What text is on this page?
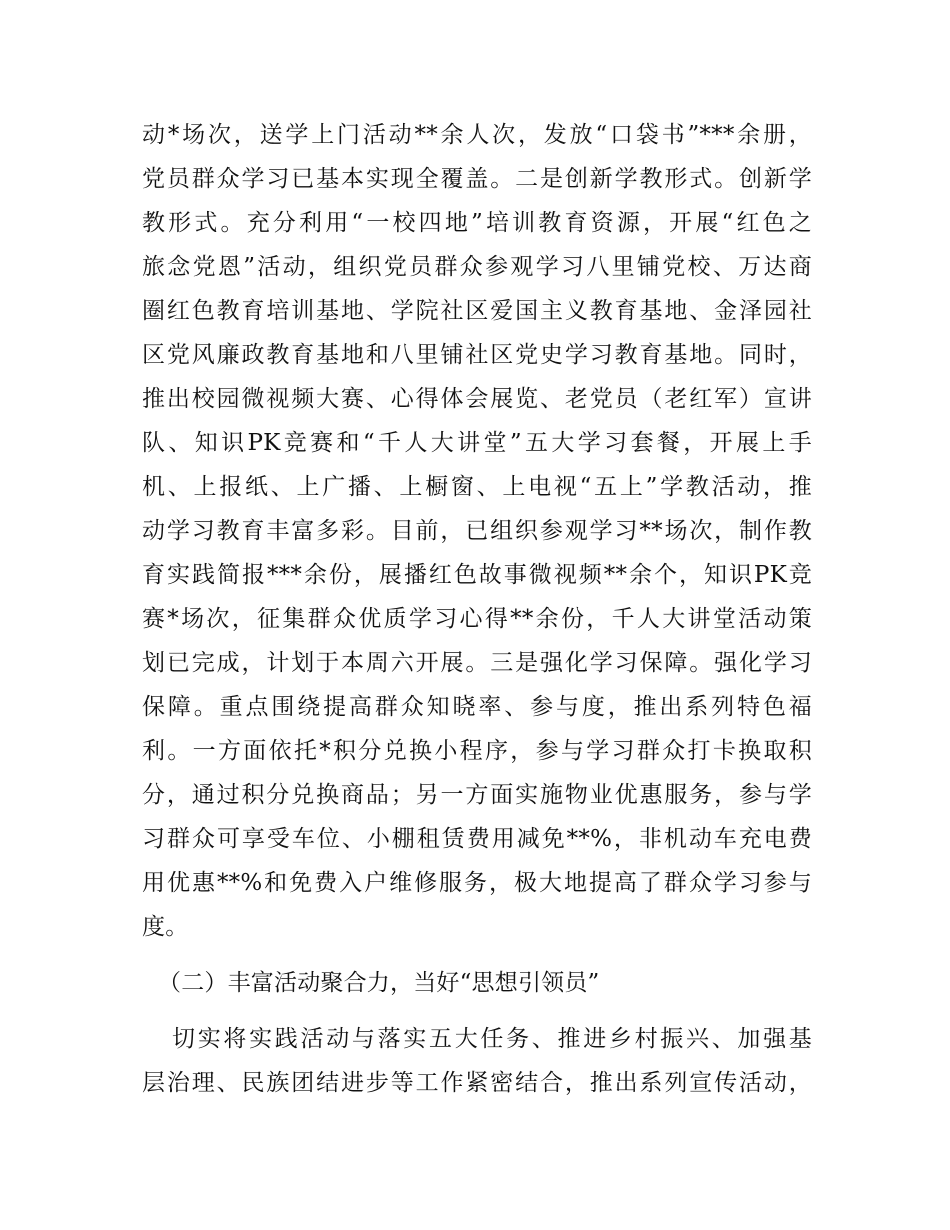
动*场次，送学上门活动**余人次，发放“口袋书”***余册，
党员群众学习已基本实现全覆盖。二是创新学教形式。创新学
教形式。充分利用“一校四地”培训教育资源，开展“红色之
旅念党恩”活动，组织党员群众参观学习八里铺党校、万达商
圈红色教育培训基地、学院社区爱国主义教育基地、金泽园社
区党风廉政教育基地和八里铺社区党史学习教育基地。同时，
推出校园微视频大赛、心得体会展览、老党员（老红军）宣讲
队、知识PK竞赛和“千人大讲堂”五大学习套餐，开展上手
机、上报纸、上广播、上橱窗、上电视“五上”学教活动，推
动学习教育丰富多彩。目前，已组织参观学习**场次，制作教
育实践简报***余份，展播红色故事微视频**余个，知识PK竞
赛*场次，征集群众优质学习心得**余份，千人大讲堂活动策
划已完成，计划于本周六开展。三是强化学习保障。强化学习
保障。重点围绕提高群众知晓率、参与度，推出系列特色福
利。一方面依托*积分兑换小程序，参与学习群众打卡换取积
分，通过积分兑换商品；另一方面实施物业优惠服务，参与学
习群众可享受车位、小棚租赁费用减免**%，非机动车充电费
用优惠**%和免费入户维修服务，极大地提高了群众学习参与
度。
（二）丰富活动聚合力，当好“思想引领员”
切实将实践活动与落实五大任务、推进乡村振兴、加强基
层治理、民族团结进步等工作紧密结合，推出系列宣传活动，
